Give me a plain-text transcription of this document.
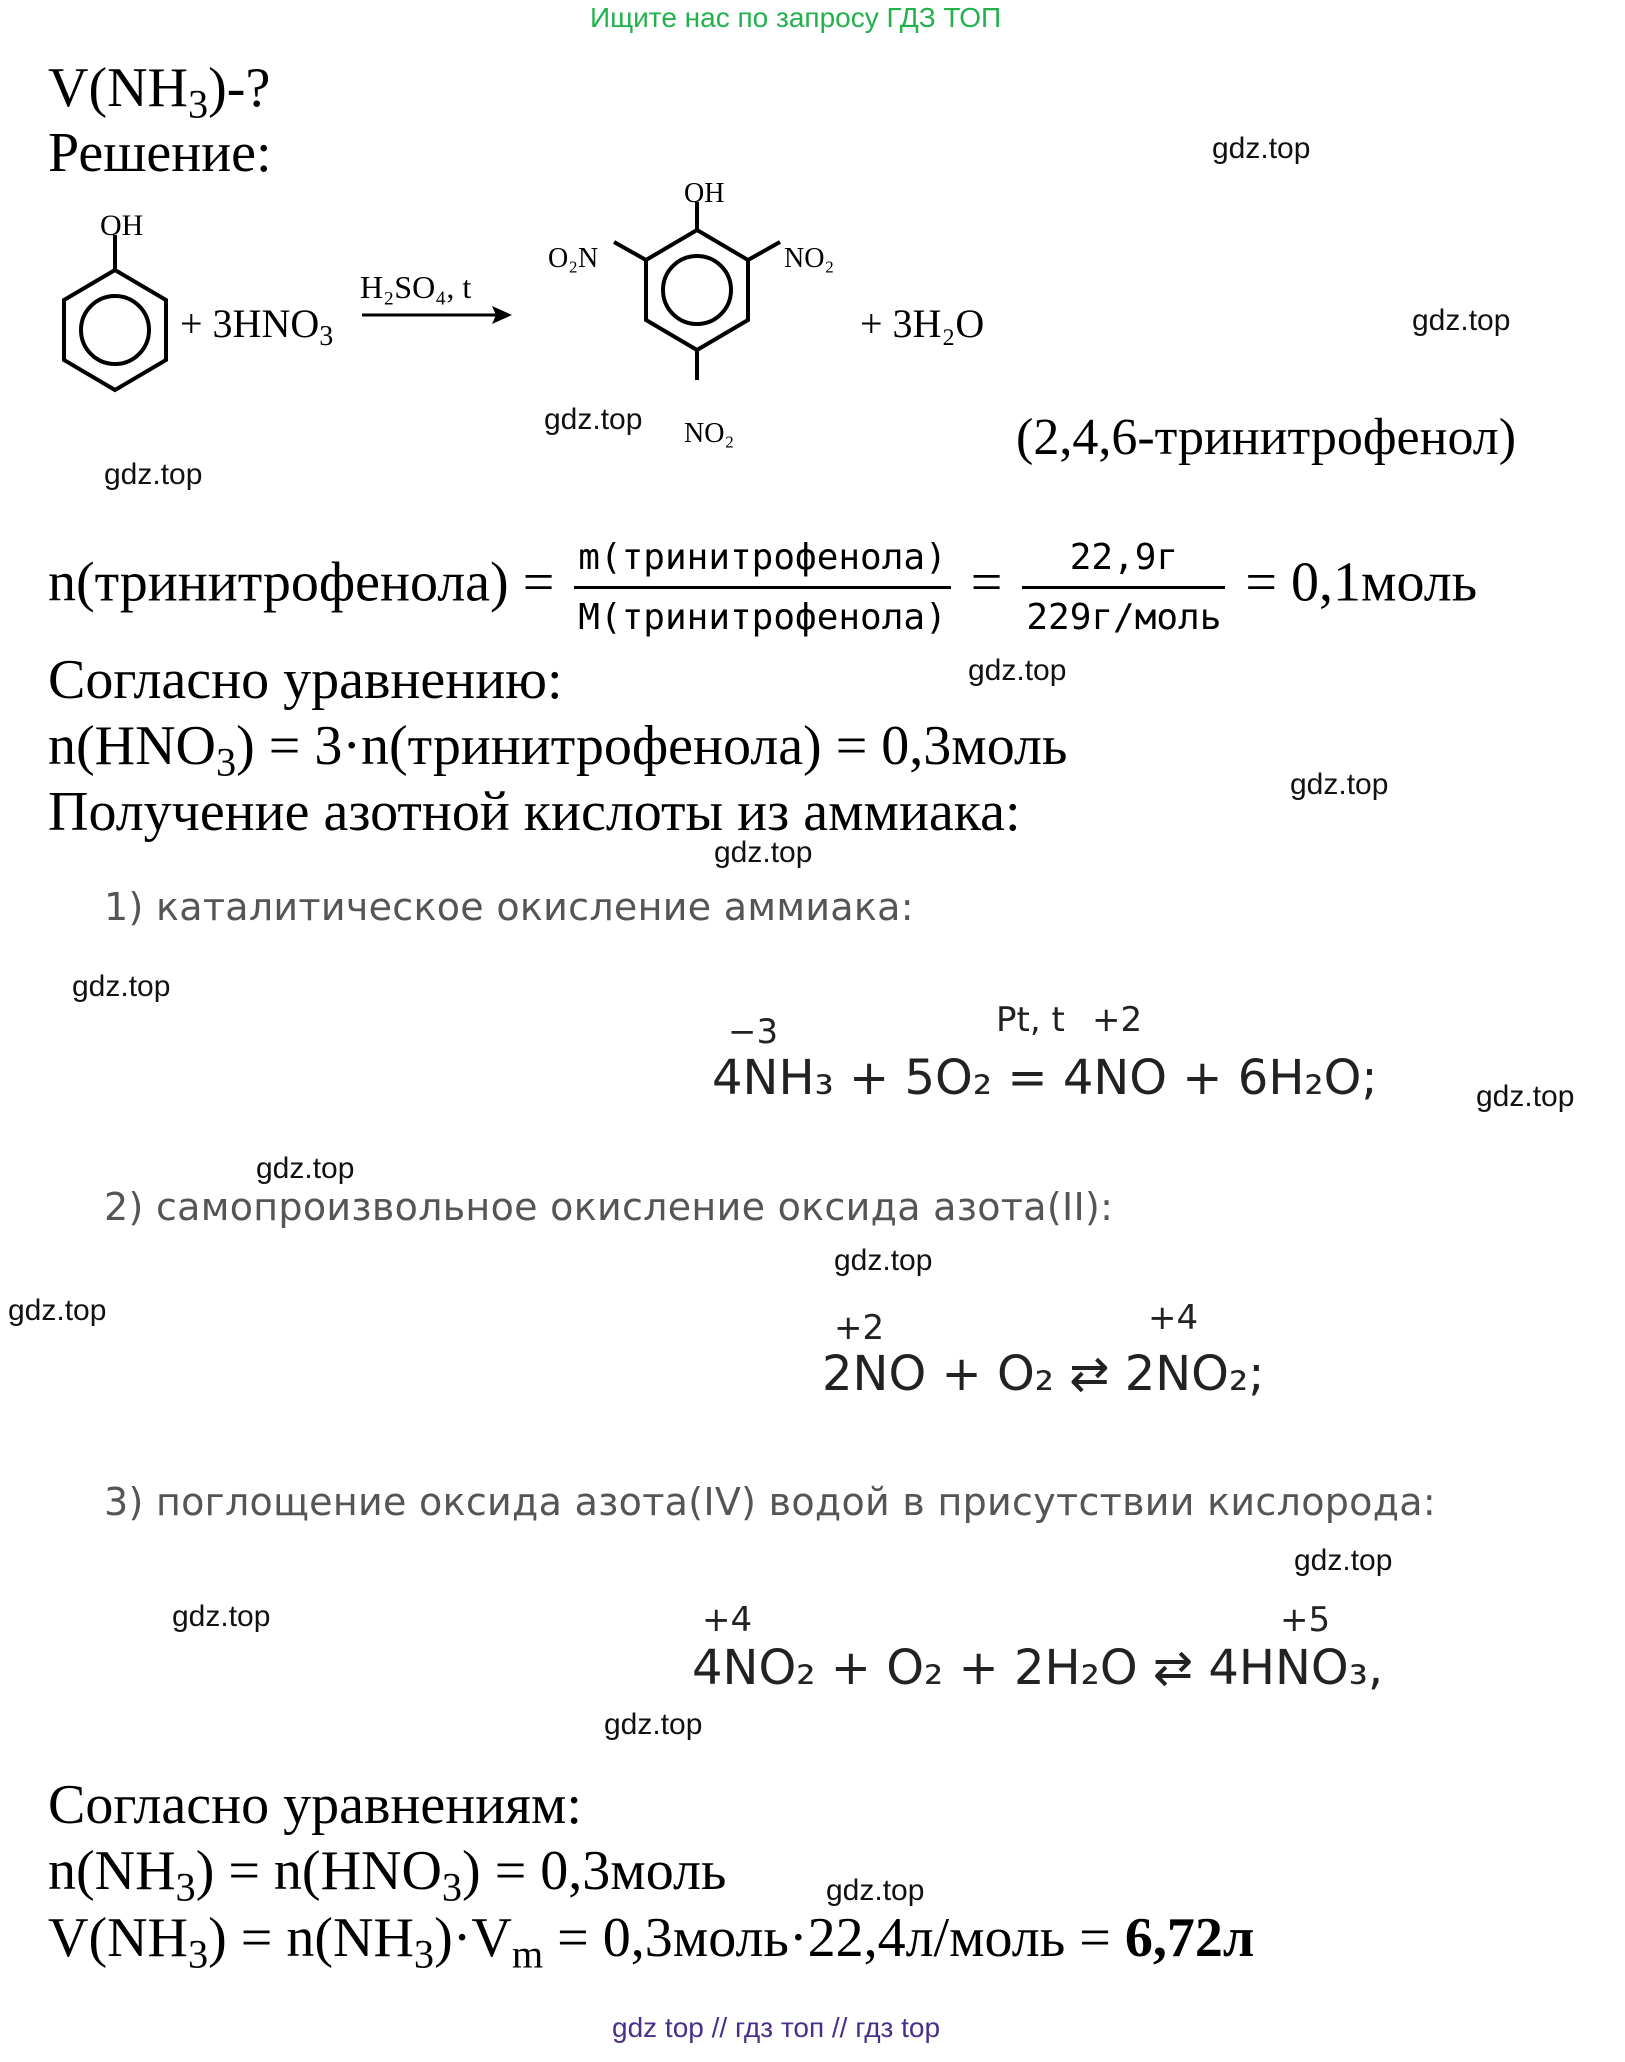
Ищите нас по запросу ГДЗ ТОП
$V(NH_3)-$?
Решение:
OH
+ $3HNO_3$
H₂SO₄, t
OH
O₂N	NO₂
NO₂
+ 3H₂O
(2,4,6-тринитрофенол)
n(тринитрофенола) = $\frac{\text{m(тринитрофенола)}}{\text{M(тринитрофенола)}} = \frac{22,9г}{\text{229г/моль}}$ = 0,1моль
Согласно уравнению:
$n(HNO_3)$ = 3·n(тринитрофенола) = 0,3моль
Получение азотной кислоты из аммиака:
1) каталитическое окисление аммиака:
−3	Pt, t +2
4NH₃ + 5O₂ = 4NO + 6H₂O;
2) самопроизвольное окисление оксида азота(II):
+2	+4
2NO + O₂ ⇄ 2NO₂;
3) поглощение оксида азота(IV) водой в присутствии кислорода:
+4	+5
4NO₂ + O₂ + 2H₂O ⇄ 4HNO₃,
Согласно уравнениям:
$n(NH_3) = n(HNO_3)$ = 0,3моль
$V(NH_3) = n(NH_3)\cdot V_m$ = 0,3моль·22,4л/моль = 6,72л
gdz.top
gdz.top
gdz.top
gdz.top
gdz.top
gdz.top
gdz.top
gdz.top
gdz.top
gdz.top
gdz.top
gdz.top
gdz.top
gdz.top
gdz.top
gdz.top
gdz top // гдз топ // гдз top
